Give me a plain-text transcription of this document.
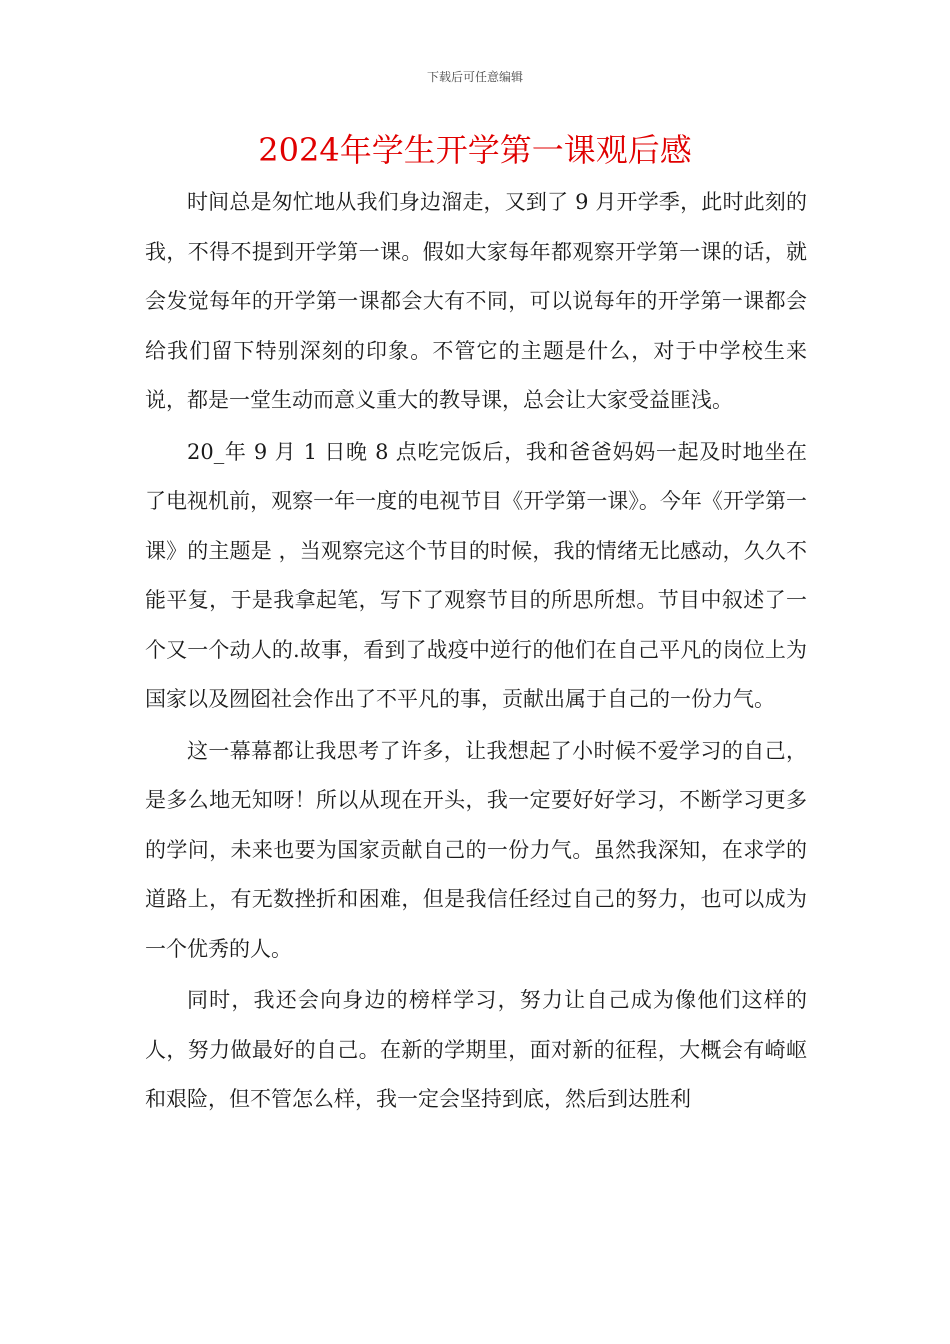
下载后可任意编辑
2024年学生开学第一课观后感

时间总是匆忙地从我们身边溜走，又到了 9 月开学季，此时此刻的我，不得不提到开学第一课。假如大家每年都观察开学第一课的话，就会发觉每年的开学第一课都会大有不同，可以说每年的开学第一课都会给我们留下特别深刻的印象。不管它的主题是什么，对于中学校生来说，都是一堂生动而意义重大的教导课，总会让大家受益匪浅。

20_年 9 月 1 日晚 8 点吃完饭后，我和爸爸妈妈一起及时地坐在了电视机前，观察一年一度的电视节目《开学第一课》。今年《开学第一课》的主题是 ，当观察完这个节目的时候，我的情绪无比感动，久久不能平复，于是我拿起笔，写下了观察节目的所思所想。节目中叙述了一个又一个动人的.故事，看到了战疫中逆行的他们在自己平凡的岗位上为国家以及囫囵社会作出了不平凡的事，贡献出属于自己的一份力气。

这一幕幕都让我思考了许多，让我想起了小时候不爱学习的自己，是多么地无知呀！所以从现在开头，我一定要好好学习，不断学习更多的学问，未来也要为国家贡献自己的一份力气。虽然我深知，在求学的道路上，有无数挫折和困难，但是我信任经过自己的努力，也可以成为一个优秀的人。

同时，我还会向身边的榜样学习，努力让自己成为像他们这样的人，努力做最好的自己。在新的学期里，面对新的征程，大概会有崎岖和艰险，但不管怎么样，我一定会坚持到底，然后到达胜利
